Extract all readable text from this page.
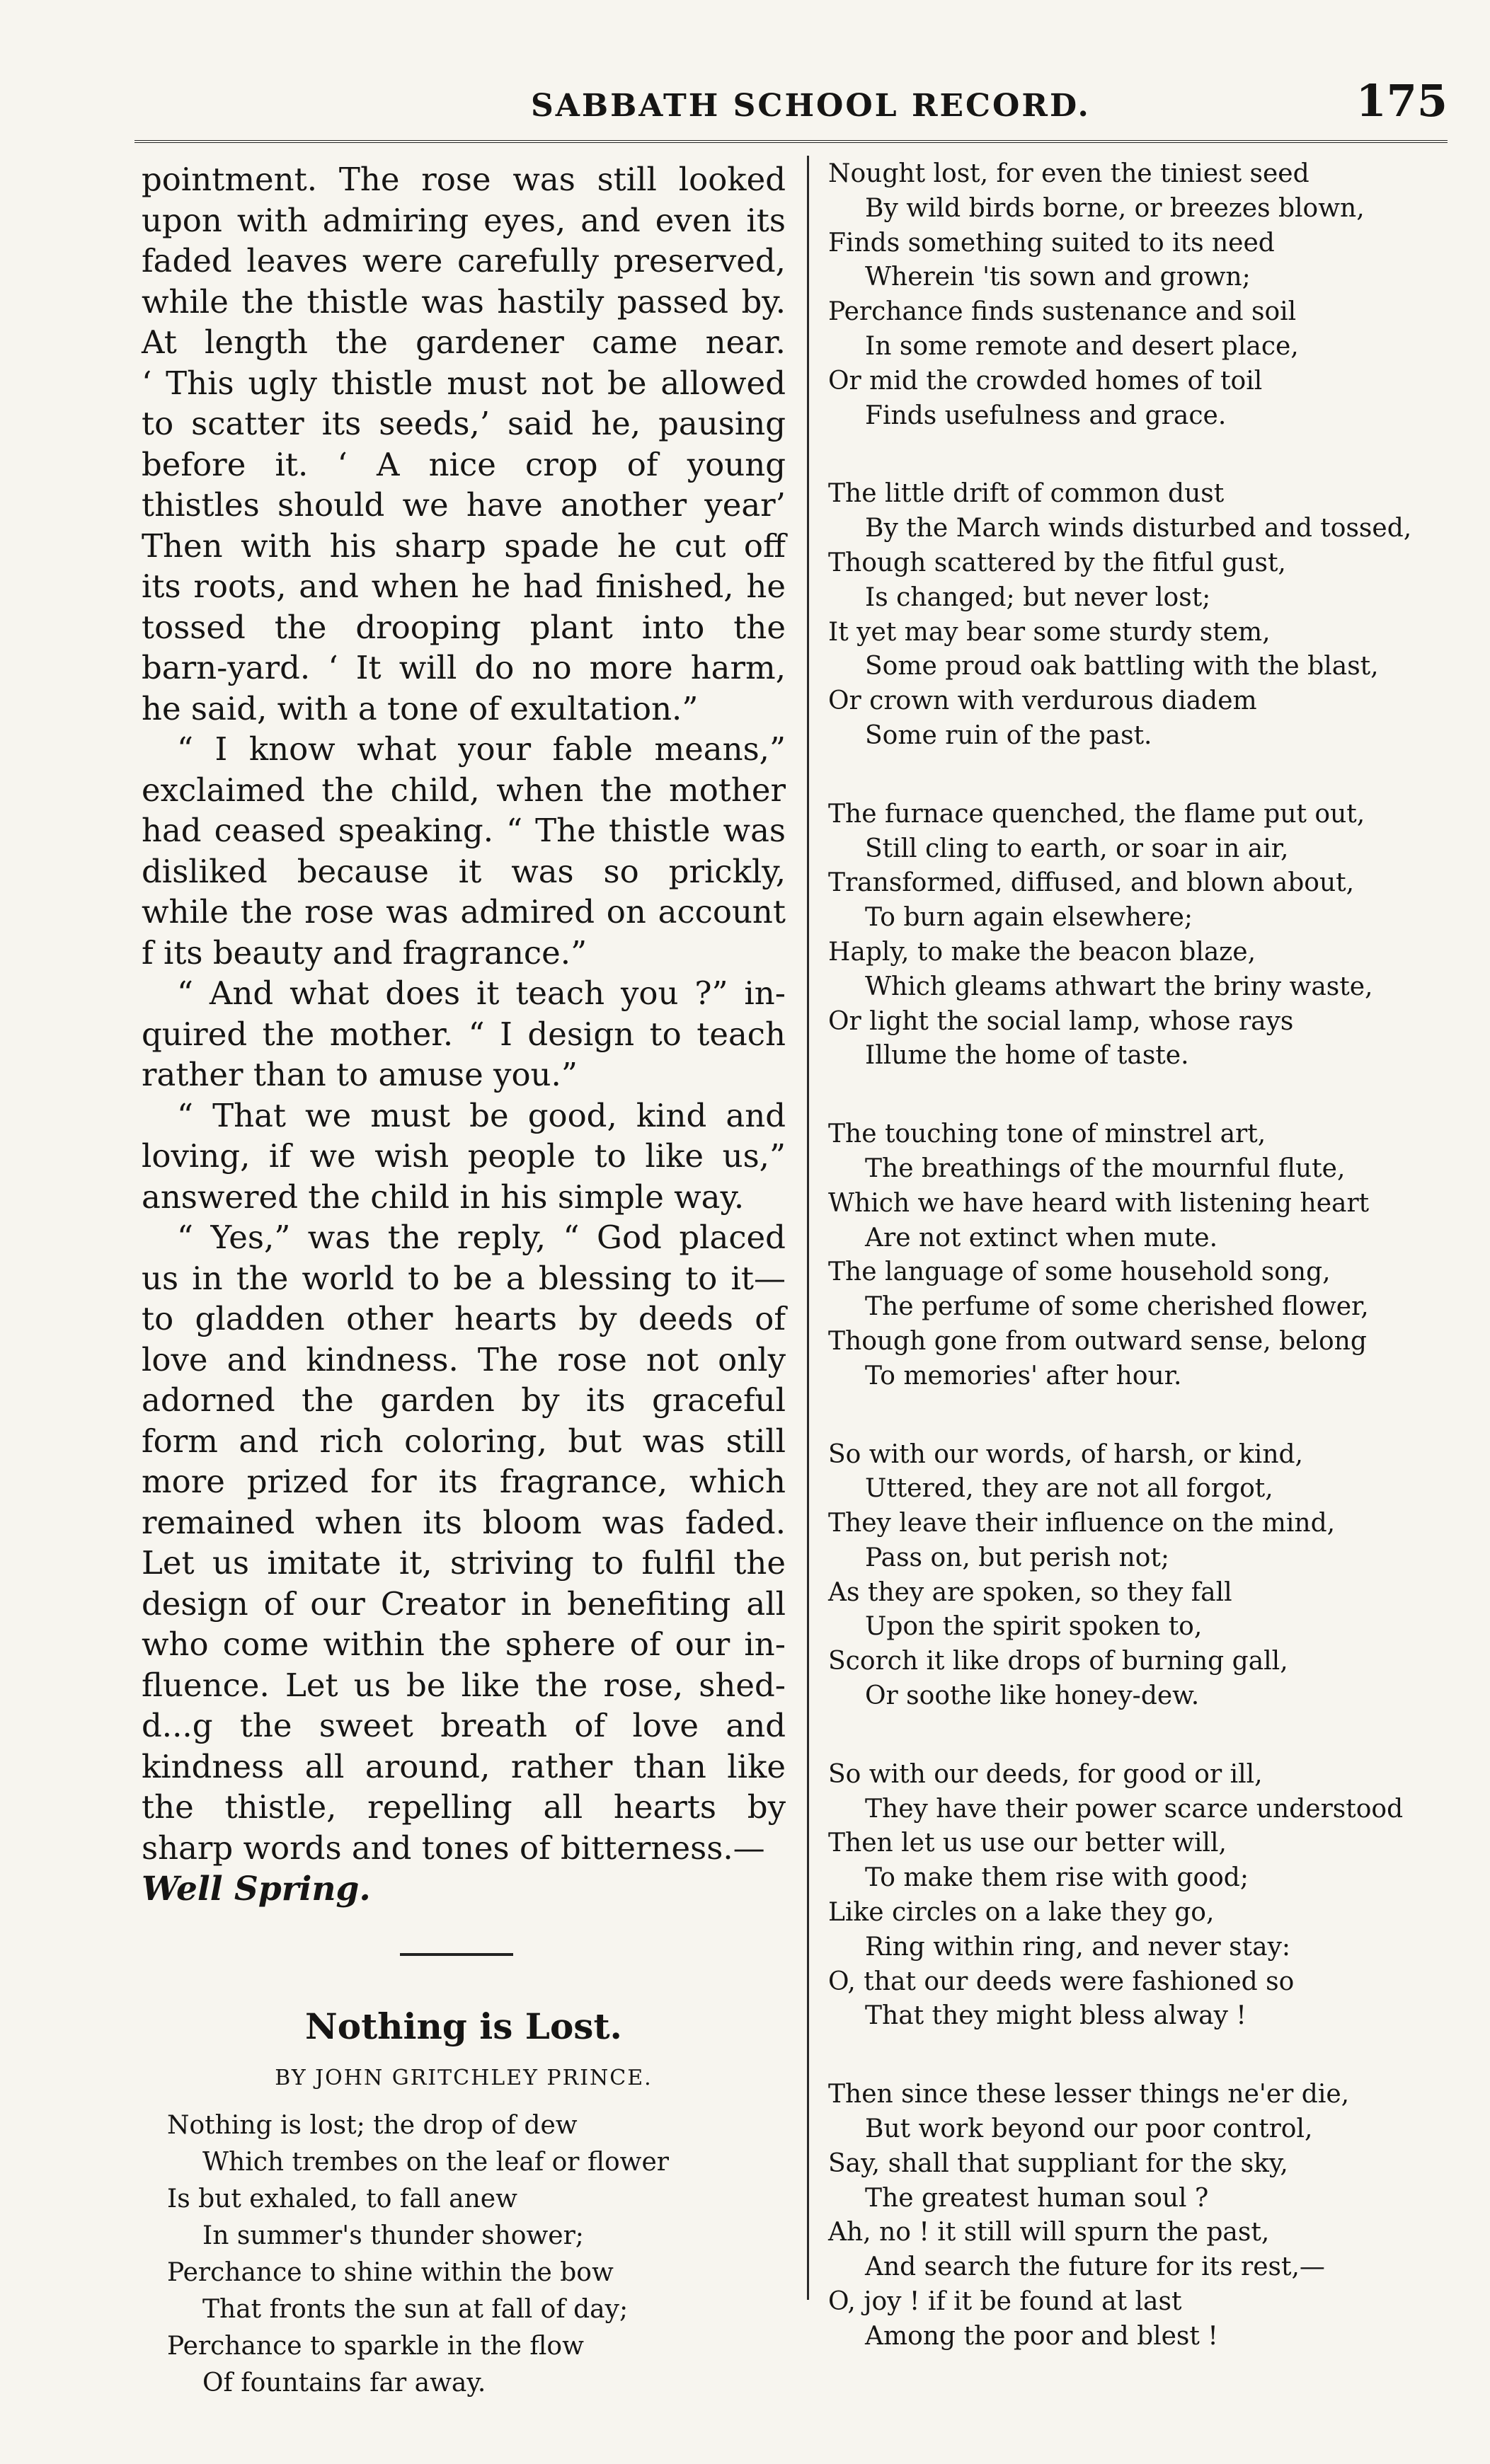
SABBATH SCHOOL RECORD.	175
pointment. The rose was still looked
upon with admiring eyes, and even its
faded leaves were carefully preserved,
while the thistle was hastily passed by.
At length the gardener came near.
‘ This ugly thistle must not be allowed
to scatter its seeds,’ said he, pausing
before it. ‘ A nice crop of young
thistles should we have another year’
Then with his sharp spade he cut off
its roots, and when he had finished, he
tossed the drooping plant into the
barn-yard. ‘ It will do no more harm,
he said, with a tone of exultation.”
“ I know what your fable means,”
exclaimed the child, when the mother
had ceased speaking. “ The thistle was
disliked because it was so prickly,
while the rose was admired on account
f its beauty and fragrance.”
“ And what does it teach you ?” in-
quired the mother. “ I design to teach
rather than to amuse you.”
“ That we must be good, kind and
loving, if we wish people to like us,”
answered the child in his simple way.
“ Yes,” was the reply, “ God placed
us in the world to be a blessing to it—
to gladden other hearts by deeds of
love and kindness. The rose not only
adorned the garden by its graceful
form and rich coloring, but was still
more prized for its fragrance, which
remained when its bloom was faded.
Let us imitate it, striving to fulfil the
design of our Creator in benefiting all
who come within the sphere of our in-
fluence. Let us be like the rose, shed-
d...g the sweet breath of love and
kindness all around, rather than like
the thistle, repelling all hearts by
sharp words and tones of bitterness.—
Well Spring.
Nothing is Lost.
BY JOHN GRITCHLEY PRINCE.
Nothing is lost; the drop of dew
Which trembes on the leaf or flower
Is but exhaled, to fall anew
In summer's thunder shower;
Perchance to shine within the bow
That fronts the sun at fall of day;
Perchance to sparkle in the flow
Of fountains far away.
Nought lost, for even the tiniest seed
By wild birds borne, or breezes blown,
Finds something suited to its need
Wherein 'tis sown and grown;
Perchance finds sustenance and soil
In some remote and desert place,
Or mid the crowded homes of toil
Finds usefulness and grace.
The little drift of common dust
By the March winds disturbed and tossed,
Though scattered by the fitful gust,
Is changed; but never lost;
It yet may bear some sturdy stem,
Some proud oak battling with the blast,
Or crown with verdurous diadem
Some ruin of the past.
The furnace quenched, the flame put out,
Still cling to earth, or soar in air,
Transformed, diffused, and blown about,
To burn again elsewhere;
Haply, to make the beacon blaze,
Which gleams athwart the briny waste,
Or light the social lamp, whose rays
Illume the home of taste.
The touching tone of minstrel art,
The breathings of the mournful flute,
Which we have heard with listening heart
Are not extinct when mute.
The language of some household song,
The perfume of some cherished flower,
Though gone from outward sense, belong
To memories' after hour.
So with our words, of harsh, or kind,
Uttered, they are not all forgot,
They leave their influence on the mind,
Pass on, but perish not;
As they are spoken, so they fall
Upon the spirit spoken to,
Scorch it like drops of burning gall,
Or soothe like honey-dew.
So with our deeds, for good or ill,
They have their power scarce understood
Then let us use our better will,
To make them rise with good;
Like circles on a lake they go,
Ring within ring, and never stay:
O, that our deeds were fashioned so
That they might bless alway !
Then since these lesser things ne'er die,
But work beyond our poor control,
Say, shall that suppliant for the sky,
The greatest human soul ?
Ah, no ! it still will spurn the past,
And search the future for its rest,—
O, joy ! if it be found at last
Among the poor and blest !
